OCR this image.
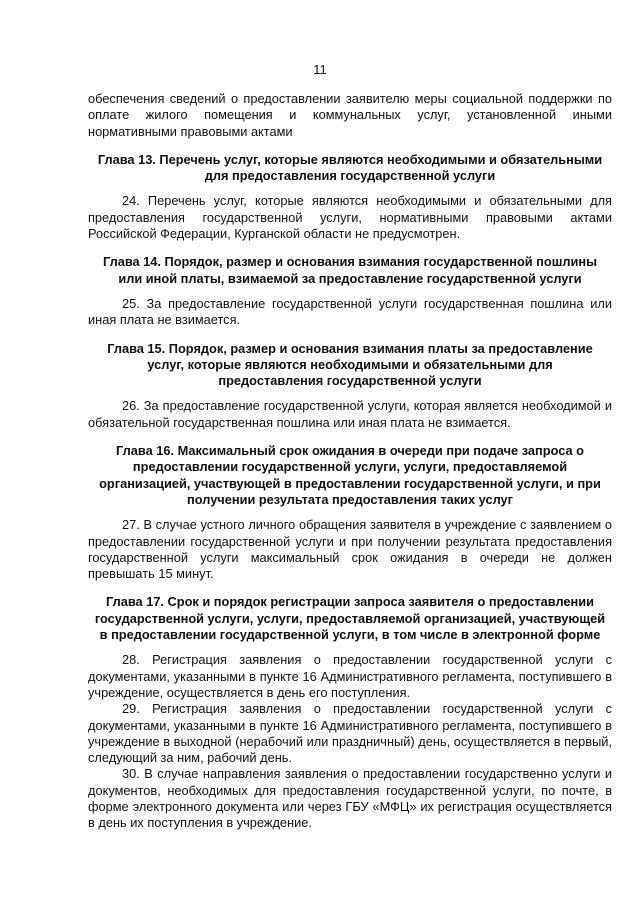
11

обеспечения сведений о предоставлении заявителю меры социальной поддержки по оплате жилого помещения и коммунальных услуг, установленной иными нормативными правовыми актами

Глава 13. Перечень услуг, которые являются необходимыми и обязательными для предоставления государственной услуги

24. Перечень услуг, которые являются необходимыми и обязательными для предоставления государственной услуги, нормативными правовыми актами Российской Федерации, Курганской области не предусмотрен.

Глава 14. Порядок, размер и основания взимания государственной пошлины или иной платы, взимаемой за предоставление государственной услуги

25. За предоставление государственной услуги государственная пошлина или иная плата не взимается.

Глава 15. Порядок, размер и основания взимания платы за предоставление услуг, которые являются необходимыми и обязательными для предоставления государственной услуги

26. За предоставление государственной услуги, которая является необходимой и обязательной государственная пошлина или иная плата не взимается.

Глава 16. Максимальный срок ожидания в очереди при подаче запроса о предоставлении государственной услуги, услуги, предоставляемой организацией, участвующей в предоставлении государственной услуги, и при получении результата предоставления таких услуг

27. В случае устного личного обращения заявителя в учреждение с заявлением о предоставлении государственной услуги и при получении результата предоставления государственной услуги максимальный срок ожидания в очереди не должен превышать 15 минут.

Глава 17. Срок и порядок регистрации запроса заявителя о предоставлении государственной услуги, услуги, предоставляемой организацией, участвующей в предоставлении государственной услуги, в том числе в электронной форме

28. Регистрация заявления о предоставлении государственной услуги с документами, указанными в пункте 16 Административного регламента, поступившего в учреждение, осуществляется в день его поступления.

29. Регистрация заявления о предоставлении государственной услуги с документами, указанными в пункте 16 Административного регламента, поступившего в учреждение в выходной (нерабочий или праздничный) день, осуществляется в первый, следующий за ним, рабочий день.

30. В случае направления заявления о предоставлении государственно услуги и документов, необходимых для предоставления государственной услуги, по почте, в форме электронного документа или через ГБУ «МФЦ» их регистрация осуществляется в день их поступления в учреждение.
